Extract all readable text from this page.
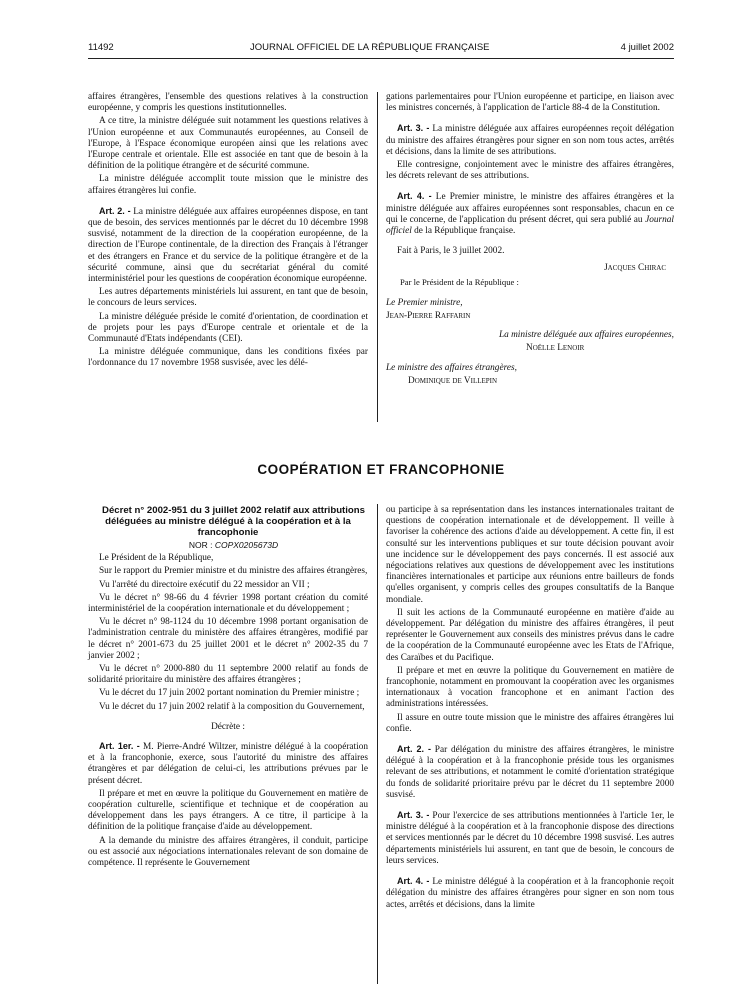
11492	JOURNAL OFFICIEL DE LA RÉPUBLIQUE FRANÇAISE	4 juillet 2002

affaires étrangères, l'ensemble des questions relatives à la construction européenne, y compris les questions institutionnelles.

A ce titre, la ministre déléguée suit notamment les questions relatives à l'Union européenne et aux Communautés européennes, au Conseil de l'Europe, à l'Espace économique européen ainsi que les relations avec l'Europe centrale et orientale. Elle est associée en tant que de besoin à la définition de la politique étrangère et de sécurité commune.

La ministre déléguée accomplit toute mission que le ministre des affaires étrangères lui confie.

Art. 2. - La ministre déléguée aux affaires européennes dispose, en tant que de besoin, des services mentionnés par le décret du 10 décembre 1998 susvisé, notamment de la direction de la coopération européenne, de la direction de l'Europe continentale, de la direction des Français à l'étranger et des étrangers en France et du service de la politique étrangère et de la sécurité commune, ainsi que du secrétariat général du comité interministériel pour les questions de coopération économique européenne.

Les autres départements ministériels lui assurent, en tant que de besoin, le concours de leurs services.

La ministre déléguée préside le comité d'orientation, de coordination et de projets pour les pays d'Europe centrale et orientale et de la Communauté d'Etats indépendants (CEI).

La ministre déléguée communique, dans les conditions fixées par l'ordonnance du 17 novembre 1958 susvisée, avec les délé-

gations parlementaires pour l'Union européenne et participe, en liaison avec les ministres concernés, à l'application de l'article 88-4 de la Constitution.

Art. 3. - La ministre déléguée aux affaires européennes reçoit délégation du ministre des affaires étrangères pour signer en son nom tous actes, arrêtés et décisions, dans la limite de ses attributions.

Elle contresigne, conjointement avec le ministre des affaires étrangères, les décrets relevant de ses attributions.

Art. 4. - Le Premier ministre, le ministre des affaires étrangères et la ministre déléguée aux affaires européennes sont responsables, chacun en ce qui le concerne, de l'application du présent décret, qui sera publié au Journal officiel de la République française.

Fait à Paris, le 3 juillet 2002.

Jacques Chirac

Par le Président de la République :

Le Premier ministre,

Jean-Pierre Raffarin

La ministre déléguée aux affaires européennes,

Noëlle Lenoir

Le ministre des affaires étrangères,

Dominique de Villepin

COOPÉRATION ET FRANCOPHONIE

Décret n° 2002-951 du 3 juillet 2002 relatif aux attributions déléguées au ministre délégué à la coopération et à la francophonie

NOR : COPX0205673D

Le Président de la République,

Sur le rapport du Premier ministre et du ministre des affaires étrangères,

Vu l'arrêté du directoire exécutif du 22 messidor an VII ;

Vu le décret n° 98-66 du 4 février 1998 portant création du comité interministériel de la coopération internationale et du développement ;

Vu le décret n° 98-1124 du 10 décembre 1998 portant organisation de l'administration centrale du ministère des affaires étrangères, modifié par le décret n° 2001-673 du 25 juillet 2001 et le décret n° 2002-35 du 7 janvier 2002 ;

Vu le décret n° 2000-880 du 11 septembre 2000 relatif au fonds de solidarité prioritaire du ministère des affaires étrangères ;

Vu le décret du 17 juin 2002 portant nomination du Premier ministre ;

Vu le décret du 17 juin 2002 relatif à la composition du Gouvernement,

Décrète :

Art. 1er. - M. Pierre-André Wiltzer, ministre délégué à la coopération et à la francophonie, exerce, sous l'autorité du ministre des affaires étrangères et par délégation de celui-ci, les attributions prévues par le présent décret.

Il prépare et met en œuvre la politique du Gouvernement en matière de coopération culturelle, scientifique et technique et de coopération au développement dans les pays étrangers. A ce titre, il participe à la définition de la politique française d'aide au développement.

A la demande du ministre des affaires étrangères, il conduit, participe ou est associé aux négociations internationales relevant de son domaine de compétence. Il représente le Gouvernement

ou participe à sa représentation dans les instances internationales traitant de questions de coopération internationale et de développement. Il veille à favoriser la cohérence des actions d'aide au développement. A cette fin, il est consulté sur les interventions publiques et sur toute décision pouvant avoir une incidence sur le développement des pays concernés. Il est associé aux négociations relatives aux questions de développement avec les institutions financières internationales et participe aux réunions entre bailleurs de fonds qu'elles organisent, y compris celles des groupes consultatifs de la Banque mondiale.

Il suit les actions de la Communauté européenne en matière d'aide au développement. Par délégation du ministre des affaires étrangères, il peut représenter le Gouvernement aux conseils des ministres prévus dans le cadre de la coopération de la Communauté européenne avec les Etats de l'Afrique, des Caraïbes et du Pacifique.

Il prépare et met en œuvre la politique du Gouvernement en matière de francophonie, notamment en promouvant la coopération avec les organismes internationaux à vocation francophone et en animant l'action des administrations intéressées.

Il assure en outre toute mission que le ministre des affaires étrangères lui confie.

Art. 2. - Par délégation du ministre des affaires étrangères, le ministre délégué à la coopération et à la francophonie préside tous les organismes relevant de ses attributions, et notamment le comité d'orientation stratégique du fonds de solidarité prioritaire prévu par le décret du 11 septembre 2000 susvisé.

Art. 3. - Pour l'exercice de ses attributions mentionnées à l'article 1er, le ministre délégué à la coopération et à la francophonie dispose des directions et services mentionnés par le décret du 10 décembre 1998 susvisé. Les autres départements ministériels lui assurent, en tant que de besoin, le concours de leurs services.

Art. 4. - Le ministre délégué à la coopération et à la francophonie reçoit délégation du ministre des affaires étrangères pour signer en son nom tous actes, arrêtés et décisions, dans la limite
